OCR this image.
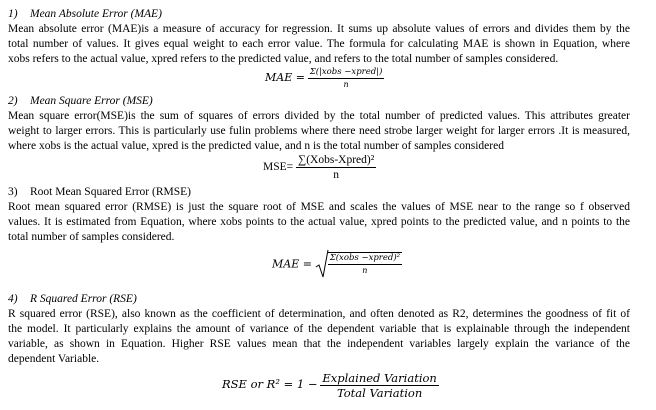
1) Mean Absolute Error (MAE)
Mean absolute error (MAE)is a measure of accuracy for regression. It sums up absolute values of errors and divides them by the
total number of values. It gives equal weight to each error value. The formula for calculating MAE is shown in Equation, where
xobs refers to the actual value, xpred refers to the predicted value, and refers to the total number of samples considered.
MAE = $\frac{\text{Σ(|xobs −xpred|)}}{n}$
2) Mean Square Error (MSE)
Mean square error(MSE)is the sum of squares of errors divided by the total number of predicted values. This attributes greater
weight to larger errors. This is particularly use fulin problems where there need strobe larger weight for larger errors .It is measured,
where xobs is the actual value, xpred is the predicted value, and n is the total number of samples considered
$MSE= \frac{\text{∑(Xobs-Xpred)²}}{n}$
3) Root Mean Squared Error (RMSE)
Root mean squared error (RMSE) is just the square root of MSE and scales the values of MSE near to the range so f observed
values. It is estimated from Equation, where xobs points to the actual value, xpred points to the predicted value, and n points to the
total number of samples considered.
MAE = $\frac{\text{Σ(xobs −xpred)²}}{n}$
4) R Squared Error (RSE)
R squared error (RSE), also known as the coefficient of determination, and often denoted as R2, determines the goodness of fit of
the model. It particularly explains the amount of variance of the dependent variable that is explainable through the independent
variable, as shown in Equation. Higher RSE values mean that the independent variables largely explain the variance of the
dependent Variable.
RSE or $R^2 = 1 - \frac{\text{Explained Variation}}{\text{Total Variation}}$
